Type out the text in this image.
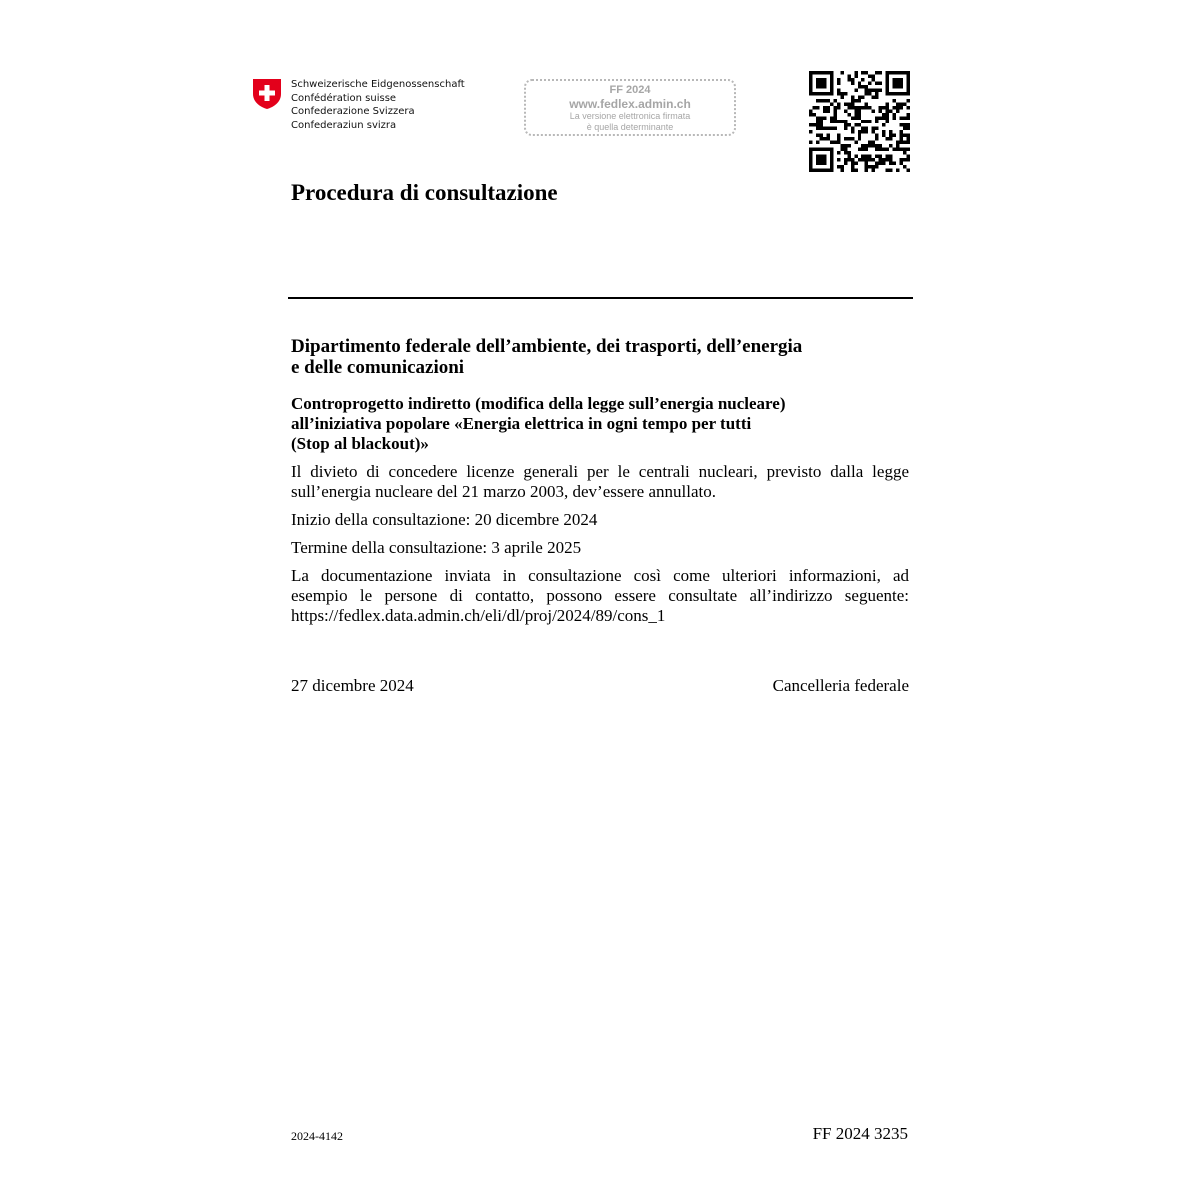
Schweizerische Eidgenossenschaft
Confédération suisse
Confederazione Svizzera
Confederaziun svizra
FF 2024
www.fedlex.admin.ch
La versione elettronica firmata
è quella determinante
Procedura di consultazione
Dipartimento federale dell’ambiente, dei trasporti, dell’energia
e delle comunicazioni
Controprogetto indiretto (modifica della legge sull’energia nucleare)
all’iniziativa popolare «Energia elettrica in ogni tempo per tutti
(Stop al blackout)»
Il divieto di concedere licenze generali per le centrali nucleari, previsto dalla legge
sull’energia nucleare del 21 marzo 2003, dev’essere annullato.
Inizio della consultazione: 20 dicembre 2024
Termine della consultazione: 3 aprile 2025
La documentazione inviata in consultazione così come ulteriori informazioni, ad
esempio le persone di contatto, possono essere consultate all’indirizzo seguente:
https://fedlex.data.admin.ch/eli/dl/proj/2024/89/cons_1
27 dicembre 2024	Cancelleria federale
2024-4142	FF 2024 3235
